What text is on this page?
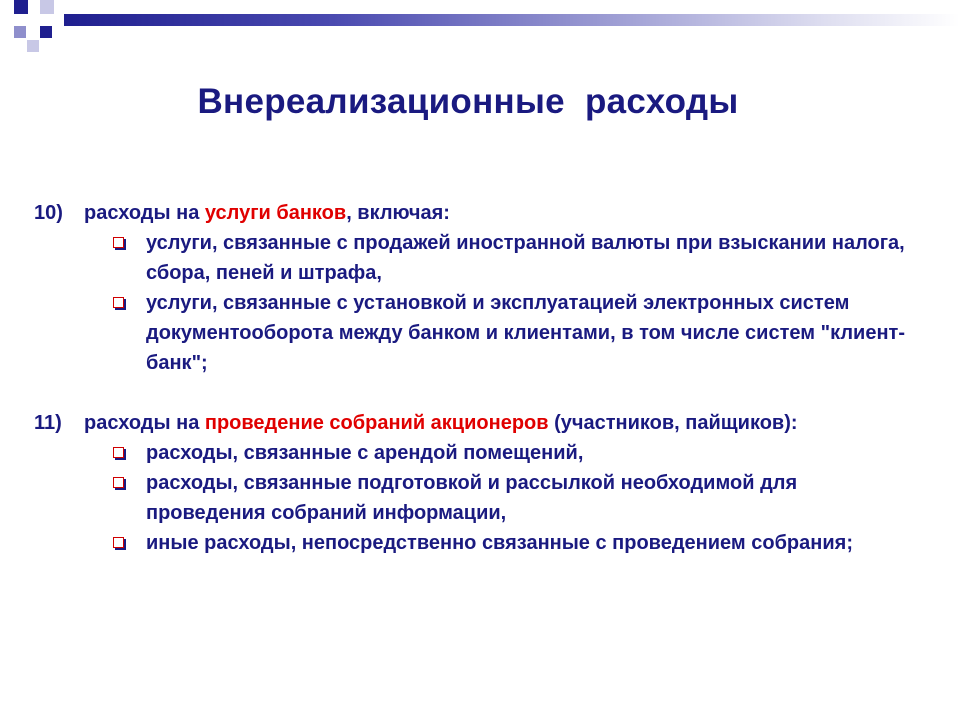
Внереализационные  расходы
10) расходы на услуги банков, включая:
услуги, связанные с продажей иностранной валюты при взыскании налога, сбора, пеней и штрафа,
услуги, связанные с установкой и эксплуатацией электронных систем документооборота между банком и клиентами, в том числе систем "клиент-банк";
11) расходы на проведение собраний акционеров (участников, пайщиков):
расходы, связанные с арендой помещений,
расходы, связанные подготовкой и рассылкой необходимой для проведения собраний информации,
иные расходы, непосредственно связанные с проведением собрания;
